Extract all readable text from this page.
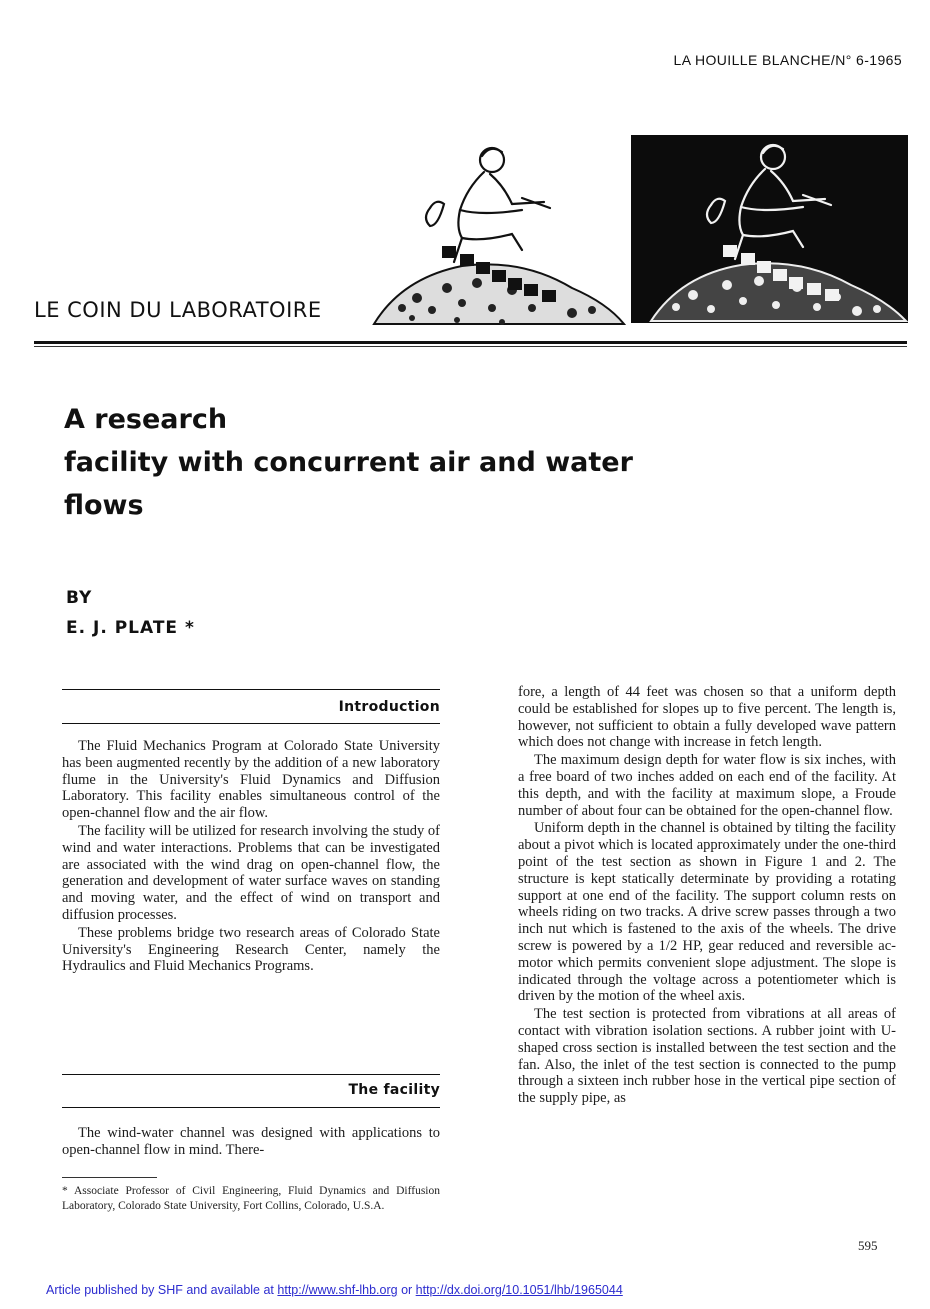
LA HOUILLE BLANCHE/N° 6-1965
LE COIN DU LABORATOIRE
A research
facility with concurrent air and water
flows
BY
E. J. PLATE *
Introduction

The Fluid Mechanics Program at Colorado State University has been augmented recently by the addition of a new laboratory flume in the University's Fluid Dynamics and Diffusion Laboratory. This facility enables simultaneous control of the open-channel flow and the air flow.

The facility will be utilized for research involving the study of wind and water interactions. Problems that can be investigated are associated with the wind drag on open-channel flow, the generation and development of water surface waves on standing and moving water, and the effect of wind on transport and diffusion processes.

These problems bridge two research areas of Colorado State University's Engineering Research Center, namely the Hydraulics and Fluid Mechanics Programs.

The facility

The wind-water channel was designed with applications to open-channel flow in mind. There-

* Associate Professor of Civil Engineering, Fluid Dynamics and Diffusion Laboratory, Colorado State University, Fort Collins, Colorado, U.S.A.

fore, a length of 44 feet was chosen so that a uniform depth could be established for slopes up to five percent. The length is, however, not sufficient to obtain a fully developed wave pattern which does not change with increase in fetch length.

The maximum design depth for water flow is six inches, with a free board of two inches added on each end of the facility. At this depth, and with the facility at maximum slope, a Froude number of about four can be obtained for the open-channel flow.

Uniform depth in the channel is obtained by tilting the facility about a pivot which is located approximately under the one-third point of the test section as shown in Figure 1 and 2. The structure is kept statically determinate by providing a rotating support at one end of the facility. The support column rests on wheels riding on two tracks. A drive screw passes through a two inch nut which is fastened to the axis of the wheels. The drive screw is powered by a 1/2 HP, gear reduced and reversible ac-motor which permits convenient slope adjustment. The slope is indicated through the voltage across a potentiometer which is driven by the motion of the wheel axis.

The test section is protected from vibrations at all areas of contact with vibration isolation sections. A rubber joint with U-shaped cross section is installed between the test section and the fan. Also, the inlet of the test section is connected to the pump through a sixteen inch rubber hose in the vertical pipe section of the supply pipe, as

595
Article published by SHF and available at http://www.shf-lhb.org or http://dx.doi.org/10.1051/lhb/1965044
